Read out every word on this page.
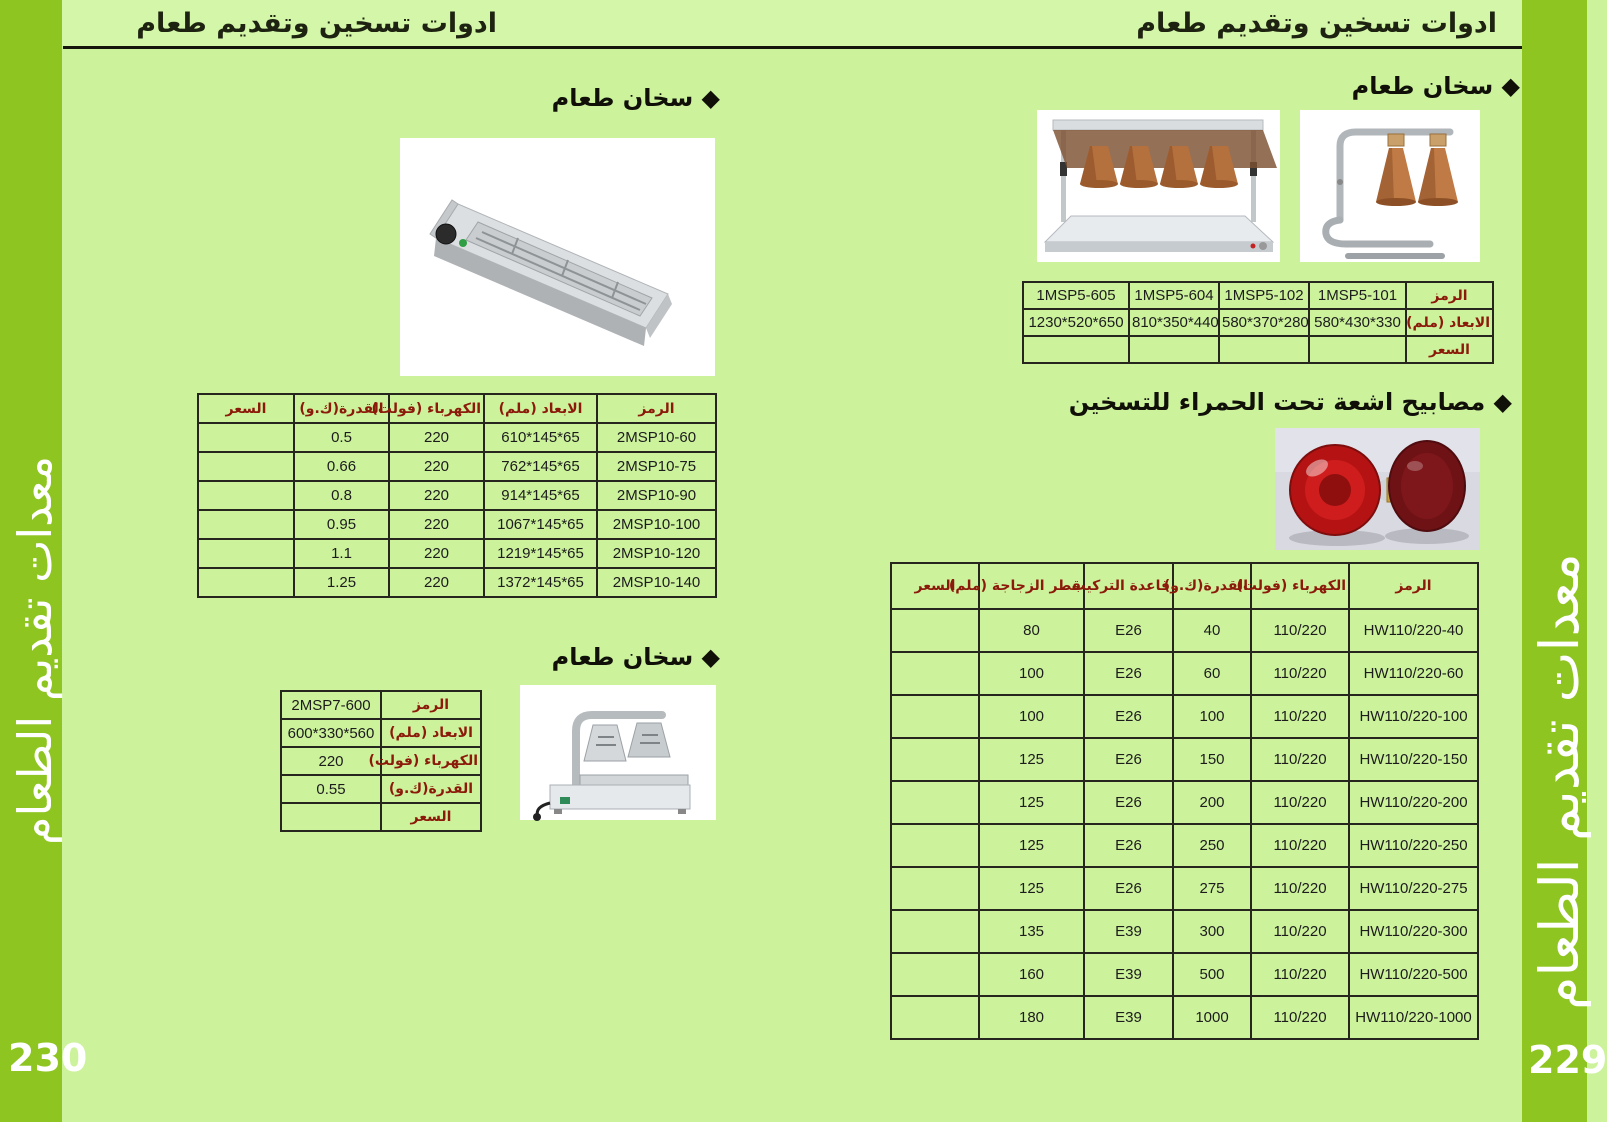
ادوات تسخين وتقديم طعام	ادوات تسخين وتقديم طعام
معدات تقديم الطعام	معدات تقديم الطعام
230	229
◆ سخان طعام
1MSP5-605	1MSP5-604	1MSP5-102	1MSP5-101	الرمز
1230*520*650	810*350*440	580*370*280	580*430*330	الابعاد (ملم)
				السعر
◆ مصابيح اشعة تحت الحمراء للتسخين
السعر	قطر الزجاجة (ملم)	قاعدة التركيب	القدرة(ك.و)	الكهرباء (فولت)	الرمز
	80	E26	40	110/220	HW110/220-40
	100	E26	60	110/220	HW110/220-60
	100	E26	100	110/220	HW110/220-100
	125	E26	150	110/220	HW110/220-150
	125	E26	200	110/220	HW110/220-200
	125	E26	250	110/220	HW110/220-250
	125	E26	275	110/220	HW110/220-275
	135	E39	300	110/220	HW110/220-300
	160	E39	500	110/220	HW110/220-500
	180	E39	1000	110/220	HW110/220-1000
◆ سخان طعام
السعر	القدرة(ك.و)	الكهرباء (فولت)	الابعاد (ملم)	الرمز
	0.5	220	610*145*65	2MSP10-60
	0.66	220	762*145*65	2MSP10-75
	0.8	220	914*145*65	2MSP10-90
	0.95	220	1067*145*65	2MSP10-100
	1.1	220	1219*145*65	2MSP10-120
	1.25	220	1372*145*65	2MSP10-140
◆ سخان طعام
2MSP7-600	الرمز
600*330*560	الابعاد (ملم)
220	الكهرباء (فولت)
0.55	القدرة(ك.و)
	السعر
